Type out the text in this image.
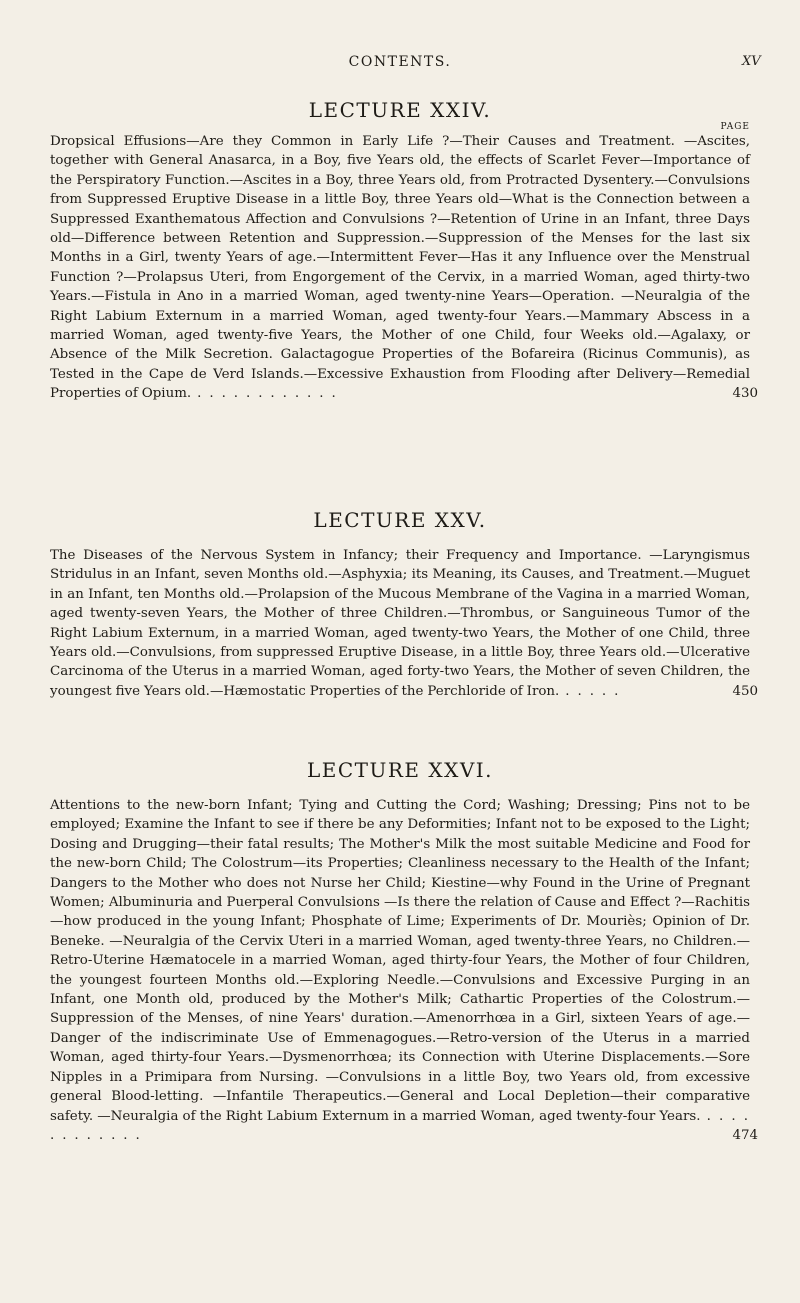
CONTENTS.	XV
LECTURE XXIV.
PAGE

Dropsical Effusions—Are they Common in Early Life ?—Their Causes and Treatment. —Ascites, together with General Anasarca, in a Boy, five Years old, the effects of Scarlet Fever—Importance of the Perspiratory Function.—Ascites in a Boy, three Years old, from Protracted Dysentery.—Convulsions from Suppressed Eruptive Disease in a little Boy, three Years old—What is the Connection between a Suppressed Exanthematous Affection and Convulsions ?—Retention of Urine in an Infant, three Days old—Difference between Retention and Suppression.—Suppression of the Menses for the last six Months in a Girl, twenty Years of age.—Intermittent Fever—Has it any Influence over the Menstrual Function ?—Prolapsus Uteri, from Engorgement of the Cervix, in a married Woman, aged thirty-two Years.—Fistula in Ano in a married Woman, aged twenty-nine Years—Operation. —Neuralgia of the Right Labium Externum in a married Woman, aged twenty-four Years.—Mammary Abscess in a married Woman, aged twenty-five Years, the Mother of one Child, four Weeks old.—Agalaxy, or Absence of the Milk Secretion. Galactagogue Properties of the Bofareira (Ricinus Communis), as Tested in the Cape de Verd Islands.—Excessive Exhaustion from Flooding after Delivery—Remedial Properties of Opium. . . . . . . . . . . . .	430

LECTURE XXV.

The Diseases of the Nervous System in Infancy; their Frequency and Importance. —Laryngismus Stridulus in an Infant, seven Months old.—Asphyxia; its Meaning, its Causes, and Treatment.—Muguet in an Infant, ten Months old.—Prolapsion of the Mucous Membrane of the Vagina in a married Woman, aged twenty-seven Years, the Mother of three Children.—Thrombus, or Sanguineous Tumor of the Right Labium Externum, in a married Woman, aged twenty-two Years, the Mother of one Child, three Years old.—Convulsions, from suppressed Eruptive Disease, in a little Boy, three Years old.—Ulcerative Carcinoma of the Uterus in a married Woman, aged forty-two Years, the Mother of seven Children, the youngest five Years old.—Hæmostatic Properties of the Perchloride of Iron. . . . . .	450

LECTURE XXVI.

Attentions to the new-born Infant; Tying and Cutting the Cord; Washing; Dressing; Pins not to be employed; Examine the Infant to see if there be any Deformities; Infant not to be exposed to the Light; Dosing and Drugging—their fatal results; The Mother's Milk the most suitable Medicine and Food for the new-born Child; The Colostrum—its Properties; Cleanliness necessary to the Health of the Infant; Dangers to the Mother who does not Nurse her Child; Kiestine—why Found in the Urine of Pregnant Women; Albuminuria and Puerperal Convulsions —Is there the relation of Cause and Effect ?—Rachitis—how produced in the young Infant; Phosphate of Lime; Experiments of Dr. Mouriès; Opinion of Dr. Beneke. —Neuralgia of the Cervix Uteri in a married Woman, aged twenty-three Years, no Children.—Retro-Uterine Hæmatocele in a married Woman, aged thirty-four Years, the Mother of four Children, the youngest fourteen Months old.—Exploring Needle.—Convulsions and Excessive Purging in an Infant, one Month old, produced by the Mother's Milk; Cathartic Properties of the Colostrum.—Suppression of the Menses, of nine Years' duration.—Amenorrhœa in a Girl, sixteen Years of age.—Danger of the indiscriminate Use of Emmenagogues.—Retro-version of the Uterus in a married Woman, aged thirty-four Years.—Dysmenorrhœa; its Connection with Uterine Displacements.—Sore Nipples in a Primipara from Nursing. —Convulsions in a little Boy, two Years old, from excessive general Blood-letting. —Infantile Therapeutics.—General and Local Depletion—their comparative safety. —Neuralgia of the Right Labium Externum in a married Woman, aged twenty-four Years. . . . . . . . . . . . .	474
